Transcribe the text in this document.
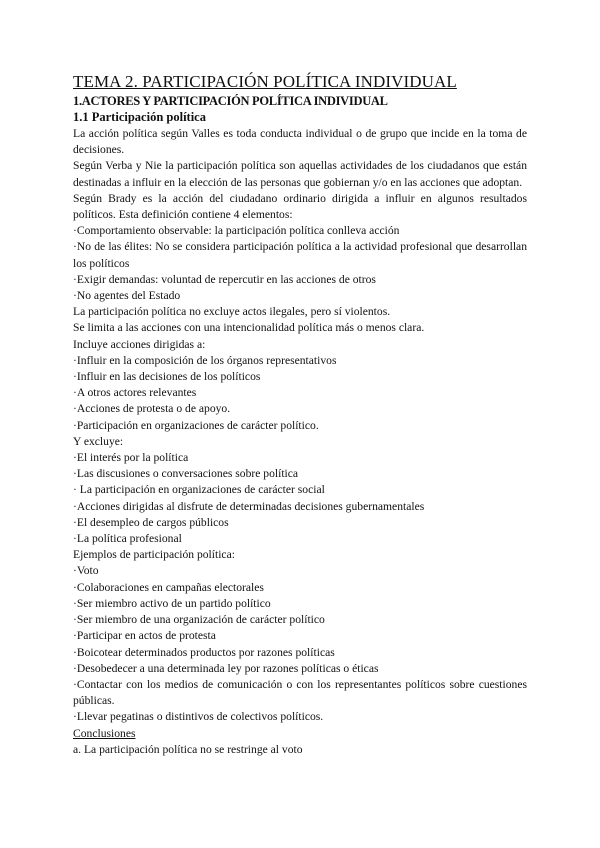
TEMA 2. PARTICIPACIÓN POLÍTICA INDIVIDUAL
1.ACTORES Y PARTICIPACIÓN POLÍTICA INDIVIDUAL
1.1 Participación política

La acción política según Valles es toda conducta individual o de grupo que incide en la toma de decisiones.

Según Verba y Nie la participación política son aquellas actividades de los ciudadanos que están destinadas a influir en la elección de las personas que gobiernan y/o en las acciones que adoptan.

Según Brady es la acción del ciudadano ordinario dirigida a influir en algunos resultados políticos. Esta definición contiene 4 elementos:

·Comportamiento observable: la participación política conlleva acción

·No de las élites: No se considera participación política a la actividad profesional que desarrollan los políticos

·Exigir demandas: voluntad de repercutir en las acciones de otros

·No agentes del Estado

La participación política no excluye actos ilegales, pero sí violentos.

Se limita a las acciones con una intencionalidad política más o menos clara.

Incluye acciones dirigidas a:

·Influir en la composición de los órganos representativos

·Influir en las decisiones de los políticos

·A otros actores relevantes

·Acciones de protesta o de apoyo.

·Participación en organizaciones de carácter político.

Y excluye:

·El interés por la política

·Las discusiones o conversaciones sobre política

· La participación en organizaciones de carácter social

·Acciones dirigidas al disfrute de determinadas decisiones gubernamentales

·El desempleo de cargos públicos

·La política profesional

Ejemplos de participación política:

·Voto

·Colaboraciones en campañas electorales

·Ser miembro activo de un partido político

·Ser miembro de una organización de carácter político

·Participar en actos de protesta

·Boicotear determinados productos por razones políticas

·Desobedecer a una determinada ley por razones políticas o éticas

·Contactar con los medios de comunicación o con los representantes políticos sobre cuestiones públicas.

·Llevar pegatinas o distintivos de colectivos políticos.

Conclusiones

a. La participación política no se restringe al voto
